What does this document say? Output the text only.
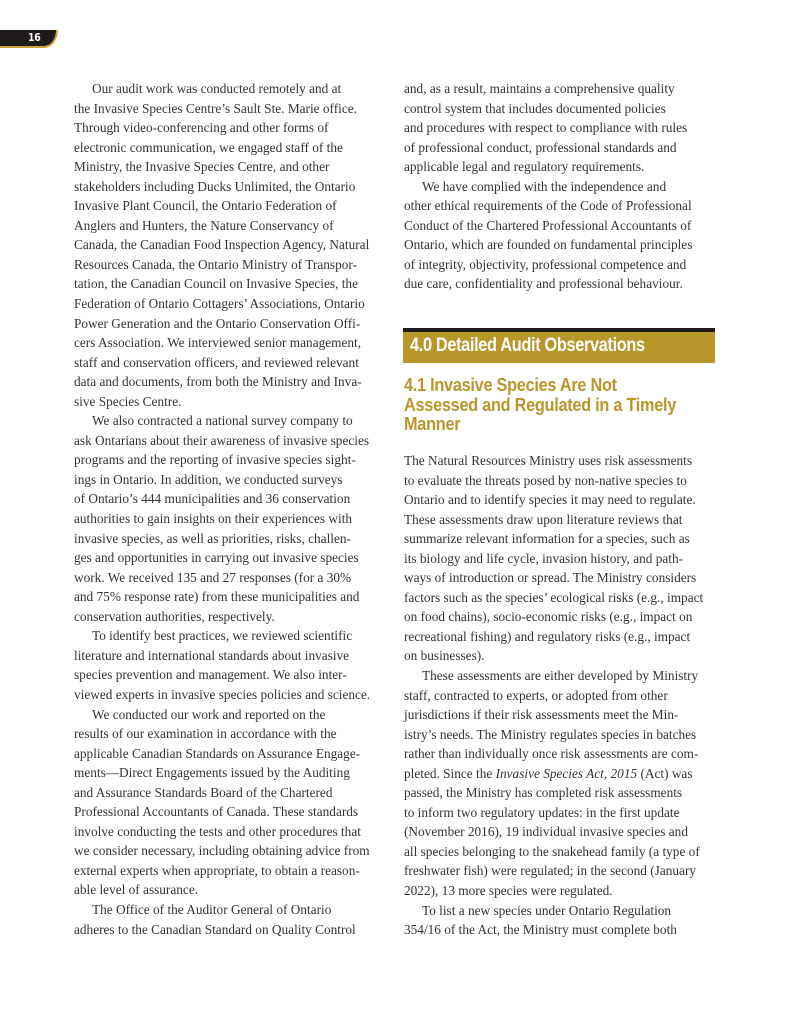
16
Our audit work was conducted remotely and at
the Invasive Species Centre’s Sault Ste. Marie office.
Through video-conferencing and other forms of
electronic communication, we engaged staff of the
Ministry, the Invasive Species Centre, and other
stakeholders including Ducks Unlimited, the Ontario
Invasive Plant Council, the Ontario Federation of
Anglers and Hunters, the Nature Conservancy of
Canada, the Canadian Food Inspection Agency, Natural
Resources Canada, the Ontario Ministry of Transpor-
tation, the Canadian Council on Invasive Species, the
Federation of Ontario Cottagers’ Associations, Ontario
Power Generation and the Ontario Conservation Offi-
cers Association. We interviewed senior management,
staff and conservation officers, and reviewed relevant
data and documents, from both the Ministry and Inva-
sive Species Centre.
We also contracted a national survey company to
ask Ontarians about their awareness of invasive species
programs and the reporting of invasive species sight-
ings in Ontario. In addition, we conducted surveys
of Ontario’s 444 municipalities and 36 conservation
authorities to gain insights on their experiences with
invasive species, as well as priorities, risks, challen-
ges and opportunities in carrying out invasive species
work. We received 135 and 27 responses (for a 30%
and 75% response rate) from these municipalities and
conservation authorities, respectively.
To identify best practices, we reviewed scientific
literature and international standards about invasive
species prevention and management. We also inter-
viewed experts in invasive species policies and science.
We conducted our work and reported on the
results of our examination in accordance with the
applicable Canadian Standards on Assurance Engage-
ments—Direct Engagements issued by the Auditing
and Assurance Standards Board of the Chartered
Professional Accountants of Canada. These standards
involve conducting the tests and other procedures that
we consider necessary, including obtaining advice from
external experts when appropriate, to obtain a reason-
able level of assurance.
The Office of the Auditor General of Ontario
adheres to the Canadian Standard on Quality Control
and, as a result, maintains a comprehensive quality
control system that includes documented policies
and procedures with respect to compliance with rules
of professional conduct, professional standards and
applicable legal and regulatory requirements.
We have complied with the independence and
other ethical requirements of the Code of Professional
Conduct of the Chartered Professional Accountants of
Ontario, which are founded on fundamental principles
of integrity, objectivity, professional competence and
due care, confidentiality and professional behaviour.
4.0 Detailed Audit Observations
4.1 Invasive Species Are Not
Assessed and Regulated in a Timely
Manner
The Natural Resources Ministry uses risk assessments
to evaluate the threats posed by non-native species to
Ontario and to identify species it may need to regulate.
These assessments draw upon literature reviews that
summarize relevant information for a species, such as
its biology and life cycle, invasion history, and path-
ways of introduction or spread. The Ministry considers
factors such as the species’ ecological risks (e.g., impact
on food chains), socio-economic risks (e.g., impact on
recreational fishing) and regulatory risks (e.g., impact
on businesses).
These assessments are either developed by Ministry
staff, contracted to experts, or adopted from other
jurisdictions if their risk assessments meet the Min-
istry’s needs. The Ministry regulates species in batches
rather than individually once risk assessments are com-
pleted. Since the Invasive Species Act, 2015 (Act) was
passed, the Ministry has completed risk assessments
to inform two regulatory updates: in the first update
(November 2016), 19 individual invasive species and
all species belonging to the snakehead family (a type of
freshwater fish) were regulated; in the second (January
2022), 13 more species were regulated.
To list a new species under Ontario Regulation
354/16 of the Act, the Ministry must complete both
